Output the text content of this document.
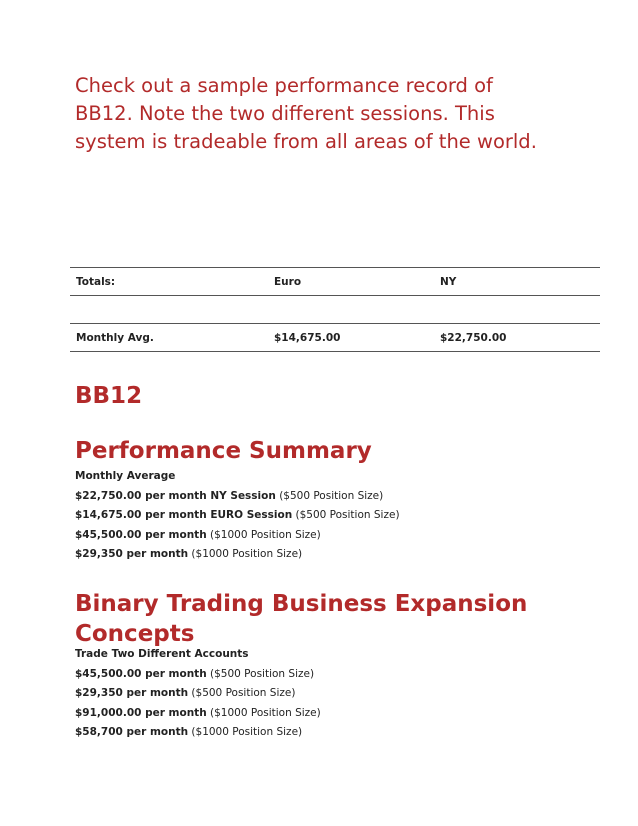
Check out a sample performance record of BB12. Note the two different sessions. This system is tradeable from all areas of the world.

Totals:	Euro	NY

Monthly Avg.	$14,675.00	$22,750.00
BB12
Performance Summary
Monthly Average
$22,750.00 per month NY Session ($500 Position Size)
$14,675.00 per month EURO Session ($500 Position Size)
$45,500.00 per month ($1000 Position Size)
$29,350 per month ($1000 Position Size)
Binary Trading Business Expansion Concepts
Trade Two Different Accounts
$45,500.00 per month ($500 Position Size)
$29,350 per month ($500 Position Size)
$91,000.00 per month ($1000 Position Size)
$58,700 per month ($1000 Position Size)
